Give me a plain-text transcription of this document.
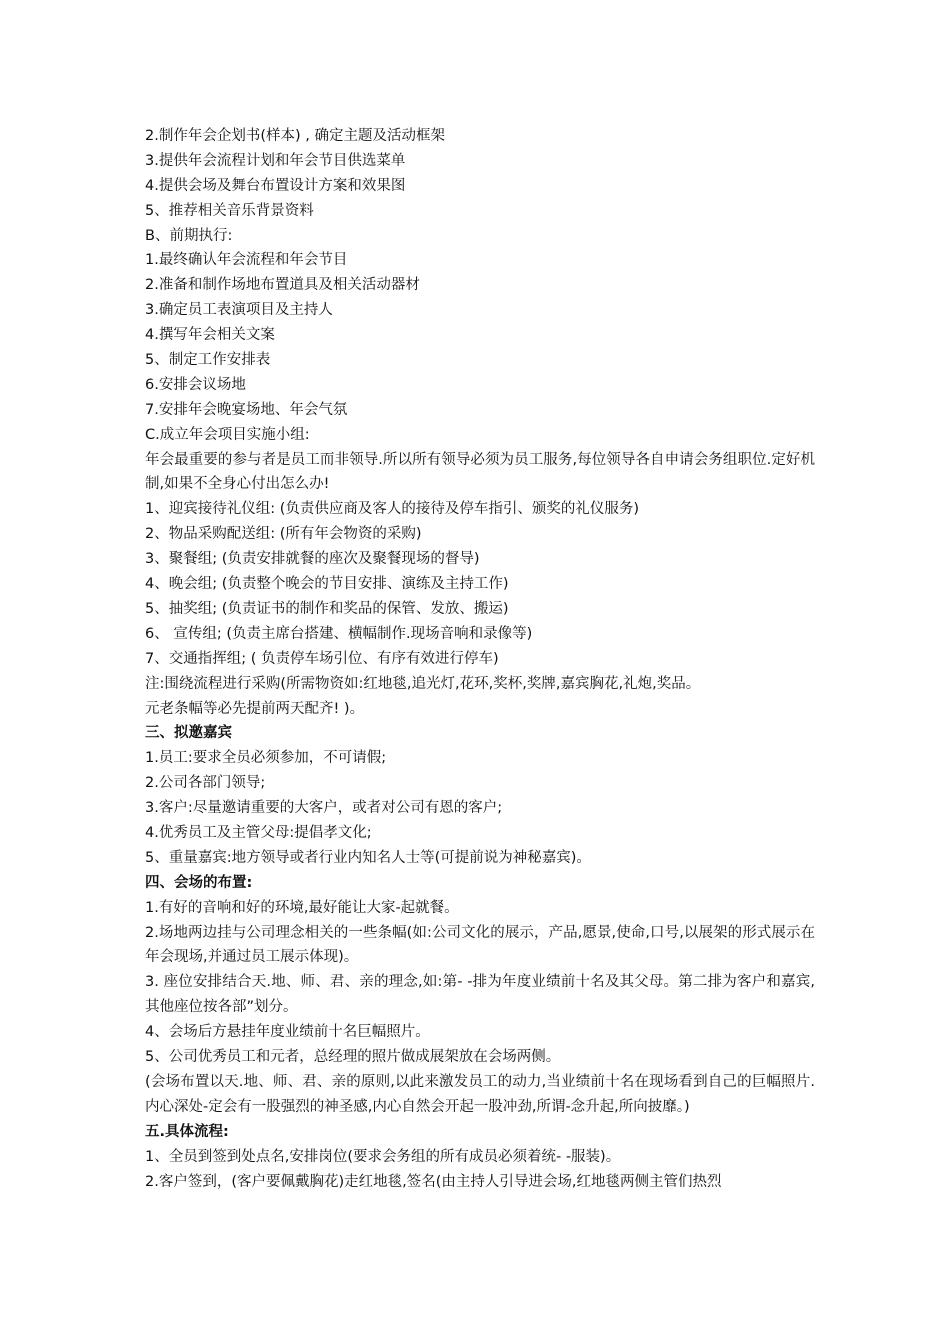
2.制作年会企划书(样本) , 确定主题及活动框架
3.提供年会流程计划和年会节目供选菜单
4.提供会场及舞台布置设计方案和效果图
5、推荐相关音乐背景资料
B、前期执行:
1.最终确认年会流程和年会节目
2.准备和制作场地布置道具及相关活动器材
3.确定员工表演项目及主持人
4.撰写年会相关文案
5、制定工作安排表
6.安排会议场地
7.安排年会晚宴场地、年会气氛
C.成立年会项目实施小组:
年会最重要的参与者是员工而非领导.所以所有领导必须为员工服务,每位领导各自申请会务组职位.定好机制,如果不全身心付出怎么办!
1、迎宾接待礼仪组: (负责供应商及客人的接待及停车指引、颁奖的礼仪服务)
2、物品采购配送组: (所有年会物资的采购)
3、聚餐组; (负责安排就餐的座次及聚餐现场的督导)
4、晚会组; (负责整个晚会的节目安排、演练及主持工作)
5、抽奖组; (负责证书的制作和奖品的保管、发放、搬运)
6、 宣传组; (负责主席台搭建、横幅制作.现场音响和录像等)
7、交通指挥组; ( 负责停车场引位、有序有效进行停车)
注:围绕流程进行采购(所需物资如:红地毯,追光灯,花环,奖杯,奖牌,嘉宾胸花,礼炮,奖品。
元老条幅等必先提前两天配齐! )。
三、拟邀嘉宾
1.员工:要求全员必须参加，不可请假;
2.公司各部门领导;
3.客户:尽量邀请重要的大客户，或者对公司有恩的客户;
4.优秀员工及主管父母:提倡孝文化;
5、重量嘉宾:地方领导或者行业内知名人士等(可提前说为神秘嘉宾)。
四、会场的布置:
1.有好的音响和好的环境,最好能让大家-起就餐。
2.场地两边挂与公司理念相关的一些条幅(如:公司文化的展示，产品,愿景,使命,口号,以展架的形式展示在年会现场,并通过员工展示体现)。
3. 座位安排结合天.地、师、君、亲的理念,如:第- -排为年度业绩前十名及其父母。第二排为客户和嘉宾,其他座位按各部”划分。
4、会场后方悬挂年度业绩前十名巨幅照片。
5、公司优秀员工和元者，总经理的照片做成展架放在会场两侧。
(会场布置以天.地、师、君、亲的原则,以此来激发员工的动力,当业绩前十名在现场看到自己的巨幅照片.内心深处-定会有一股强烈的神圣感,内心自然会开起一股冲劲,所谓-念升起,所向披靡。)
五.具体流程:
1、全员到签到处点名,安排岗位(要求会务组的所有成员必须着统- -服装)。
2.客户签到，(客户要佩戴胸花)走红地毯,签名(由主持人引导进会场,红地毯两侧主管们热烈
